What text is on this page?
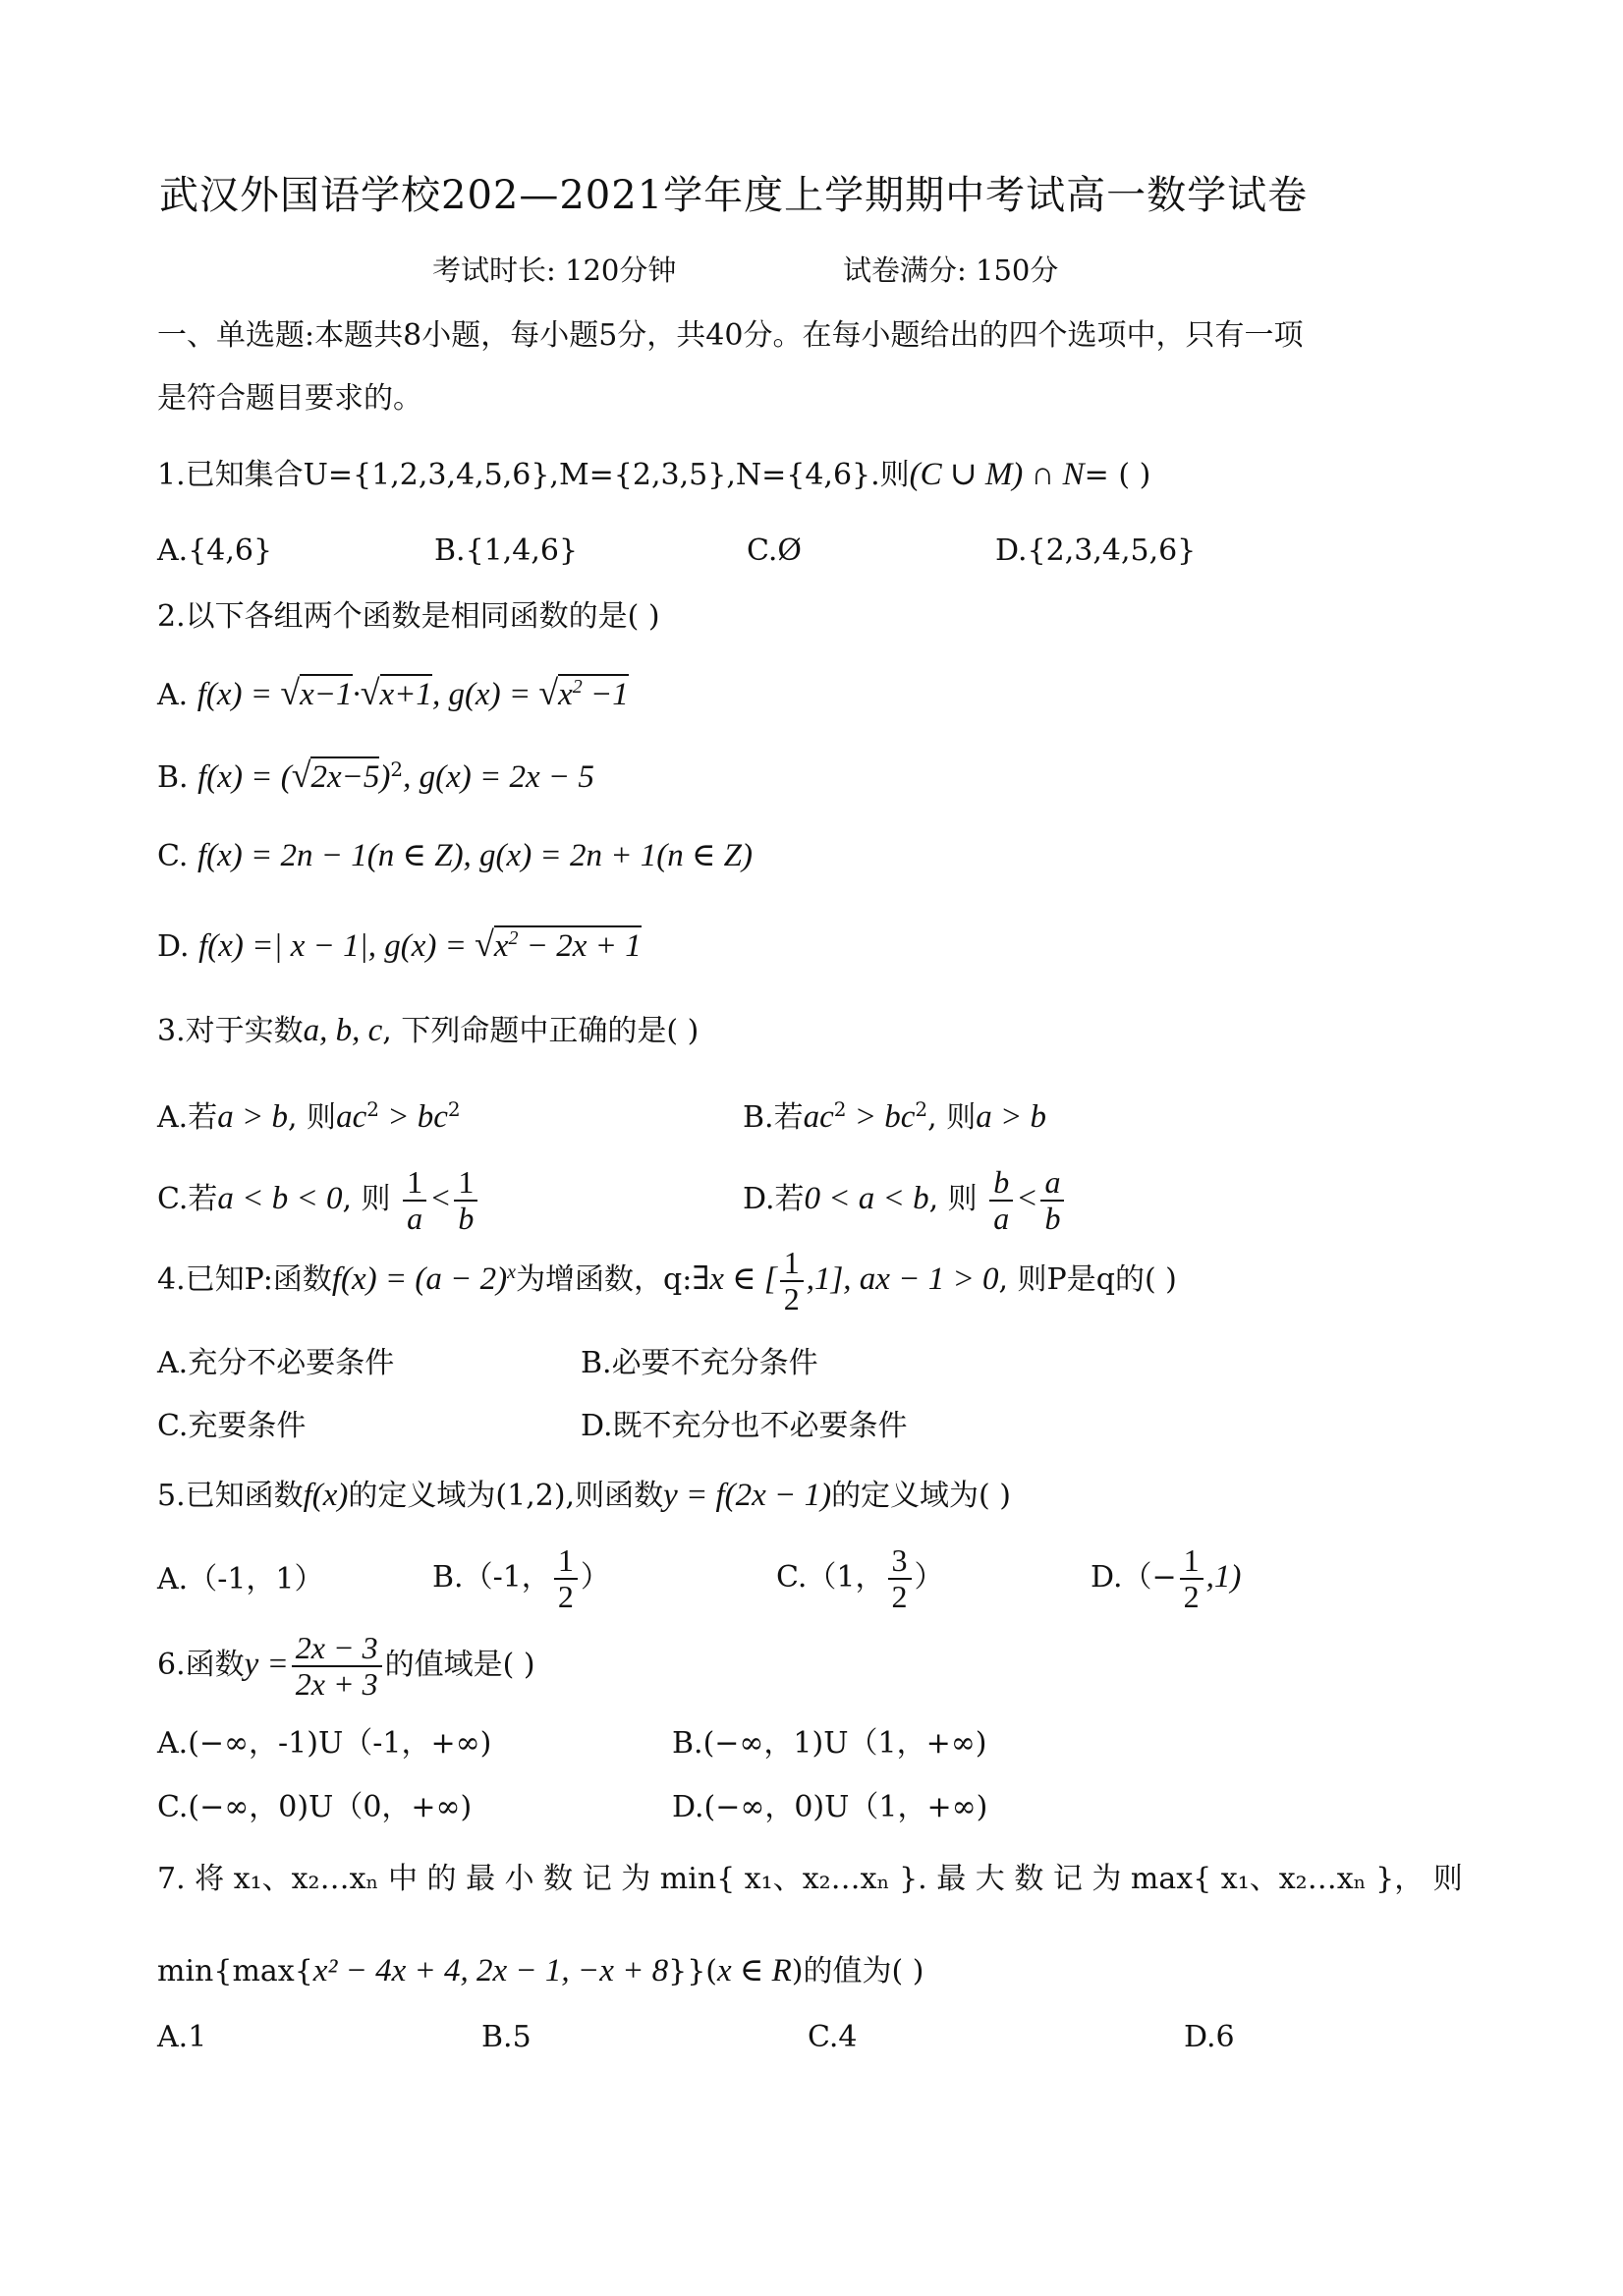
武汉外国语学校202—2021学年度上学期期中考试高一数学试卷
考试时长: 120分钟	试卷满分: 150分
一、单选题:本题共8小题，每小题5分，共40分。在每小题给出的四个选项中，只有一项
是符合题目要求的。
1.已知集合U={1,2,3,4,5,6},M={2,3,5},N={4,6}.则(C ∪ M) ∩ N= ( )
A.{4,6}	B.{1,4,6}	C.Ø	D.{2,3,4,5,6}
2.以下各组两个函数是相同函数的是( )
A. f(x) = √x−1·√x+1, $g(x) = √x^2 -1$
B. $f(x) = (√2x-5)^2$, g(x) = 2x − 5
C. f(x) = 2n − 1(n ∈ Z), g(x) = 2n + 1(n ∈ Z)
D. f(x) =| x − 1|, $g(x) = √x^2 - 2x + 1$
3.对于实数a, b, c, 下列命题中正确的是( )
A.若a > b, 则$ac^2 > bc^2$	B.若$ac^2 > bc^2$, 则a > b
C.若a < b < 0, 则 $\frac{1}{a} < \frac{1}{b}$	D.若0 < a < b, 则 $\frac{b}{a} < \frac{a}{b}$
4.已知P:函数$f(x) = (a - 2)^x$为增函数，q:∃x ∈ [ $\frac{1}{2} ,1$], ax − 1 > 0, 则P是q的( )
A.充分不必要条件	B.必要不充分条件
C.充要条件	D.既不充分也不必要条件
5.已知函数f(x)的定义域为(1,2),则函数y = f(2x − 1)的定义域为( )
A.（-1，1）	B.（-1， $\frac{1}{2}$ ）	C.（1， $\frac{3}{2}$ ）	$D.(- \frac{1}{2} ,1)$
6.函数$y = \frac{2x - 3}{2x + 3}$ 的值域是( )
A.(−∞，-1)U（-1，+∞)	B.(−∞，1)U（1，+∞)
C.(−∞，0)U（0，+∞)	D.(−∞，0)U（1，+∞)
7. 将 x₁、x₂…xₙ 中 的 最 小 数 记 为 min{ x₁、x₂…xₙ }. 最 大 数 记 为 max{ x₁、x₂…xₙ }， 则
min{max{x² − 4x + 4, 2x − 1, −x + 8}}(x ∈ R)的值为( )
A.1	B.5	C.4	D.6
